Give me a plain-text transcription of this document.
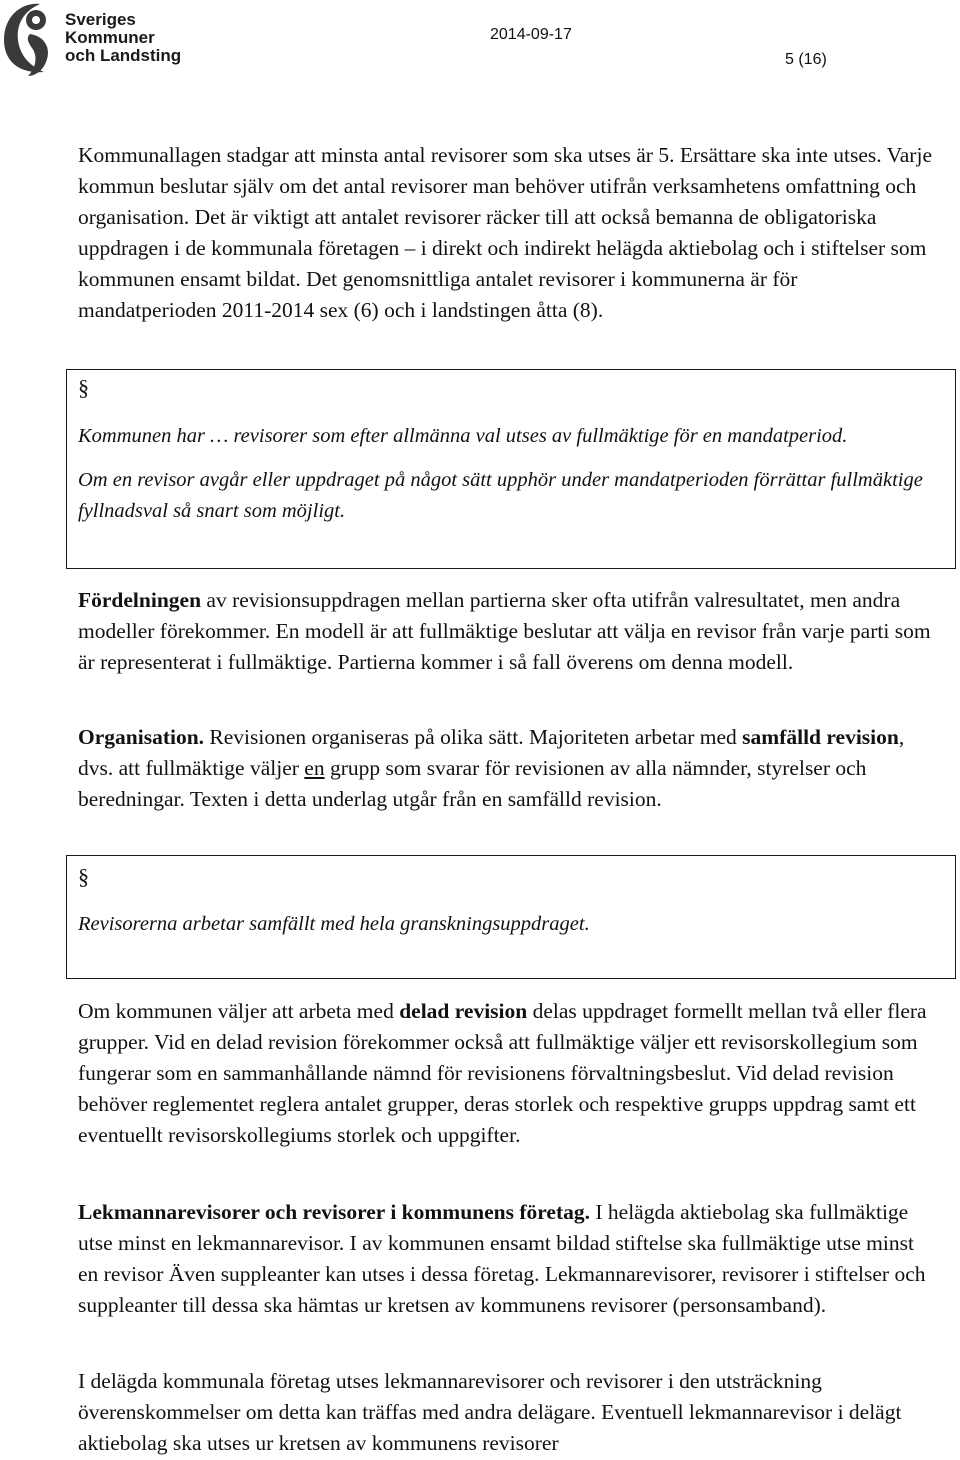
Sveriges
Kommuner
och Landsting
2014-09-17
5 (16)

Kommunallagen stadgar att minsta antal revisorer som ska utses är 5. Ersättare ska inte utses. Varje kommun beslutar själv om det antal revisorer man behöver utifrån verksamhetens omfattning och organisation. Det är viktigt att antalet revisorer räcker till att också bemanna de obligatoriska uppdragen i de kommunala företagen – i direkt och indirekt helägda aktiebolag och i stiftelser som kommunen ensamt bildat. Det genomsnittliga antalet revisorer i kommunerna är för mandatperioden 2011-2014 sex (6) och i landstingen åtta (8).

§

Kommunen har … revisorer som efter allmänna val utses av fullmäktige för en mandatperiod.

Om en revisor avgår eller uppdraget på något sätt upphör under mandatperioden förrättar fullmäktige fyllnadsval så snart som möjligt.

Fördelningen av revisionsuppdragen mellan partierna sker ofta utifrån valresultatet, men andra modeller förekommer. En modell är att fullmäktige beslutar att välja en revisor från varje parti som är representerat i fullmäktige. Partierna kommer i så fall överens om denna modell.

Organisation. Revisionen organiseras på olika sätt. Majoriteten arbetar med samfälld revision, dvs. att fullmäktige väljer en grupp som svarar för revisionen av alla nämnder, styrelser och beredningar. Texten i detta underlag utgår från en samfälld revision.

§

Revisorerna arbetar samfällt med hela granskningsuppdraget.

Om kommunen väljer att arbeta med delad revision delas uppdraget formellt mellan två eller flera grupper. Vid en delad revision förekommer också att fullmäktige väljer ett revisorskollegium som fungerar som en sammanhållande nämnd för revisionens förvaltningsbeslut. Vid delad revision behöver reglementet reglera antalet grupper, deras storlek och respektive grupps uppdrag samt ett eventuellt revisorskollegiums storlek och uppgifter.

Lekmannarevisorer och revisorer i kommunens företag. I helägda aktiebolag ska fullmäktige utse minst en lekmannarevisor. I av kommunen ensamt bildad stiftelse ska fullmäktige utse minst en revisor Även suppleanter kan utses i dessa företag. Lekmannarevisorer, revisorer i stiftelser och suppleanter till dessa ska hämtas ur kretsen av kommunens revisorer (personsamband).

I delägda kommunala företag utses lekmannarevisorer och revisorer i den utsträckning överenskommelser om detta kan träffas med andra delägare. Eventuell lekmannarevisor i delägt aktiebolag ska utses ur kretsen av kommunens revisorer
